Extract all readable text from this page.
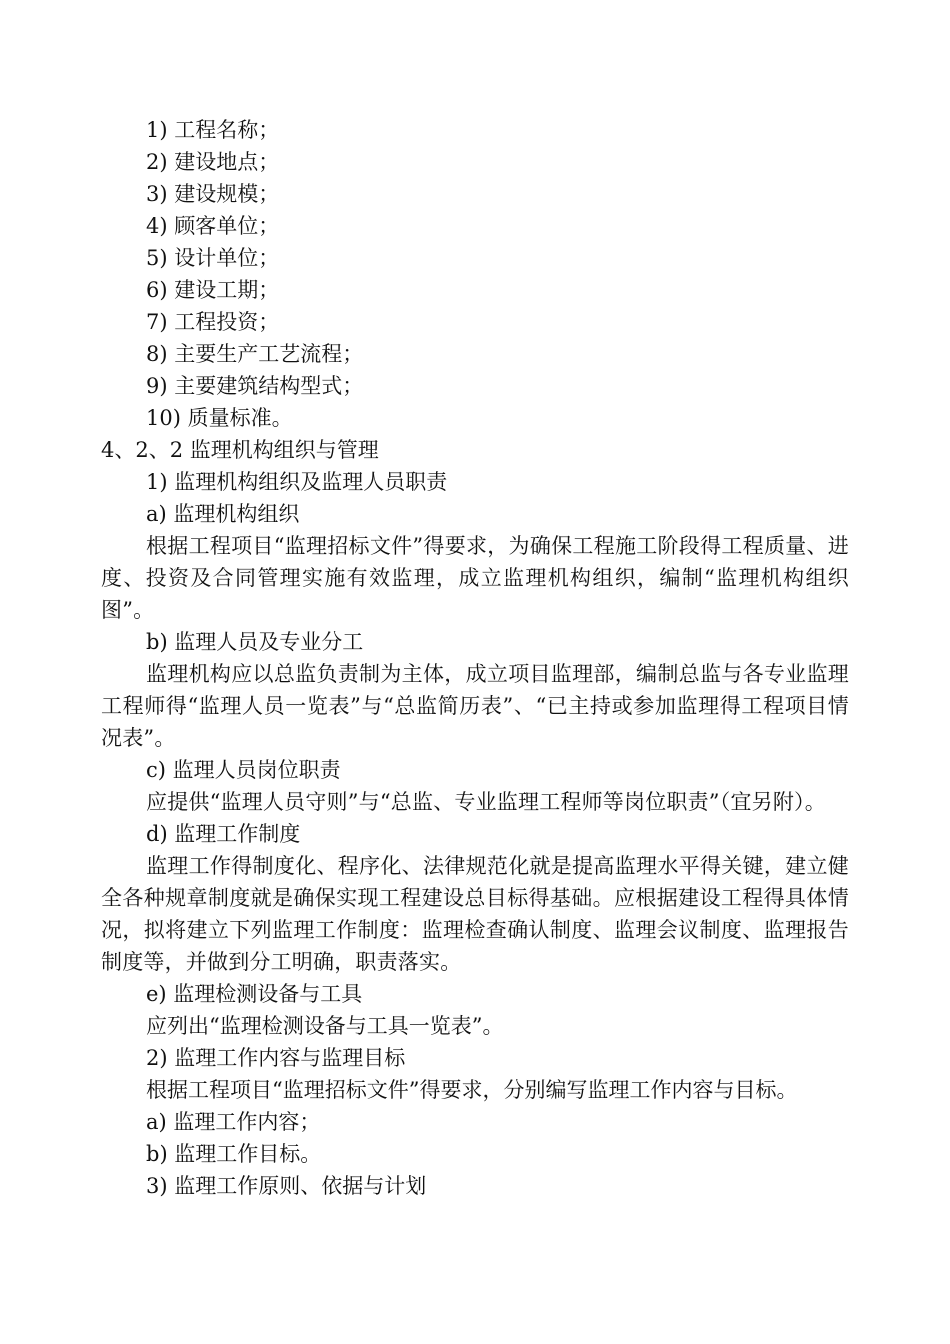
1) 工程名称；
2) 建设地点；
3) 建设规模；
4) 顾客单位；
5) 设计单位；
6) 建设工期；
7) 工程投资；
8) 主要生产工艺流程；
9) 主要建筑结构型式；
10) 质量标准。
4、2、2 监理机构组织与管理
1) 监理机构组织及监理人员职责
a) 监理机构组织
根据工程项目“监理招标文件”得要求，为确保工程施工阶段得工程质量、进度、投资及合同管理实施有效监理，成立监理机构组织，编制“监理机构组织图”。
b) 监理人员及专业分工
监理机构应以总监负责制为主体，成立项目监理部，编制总监与各专业监理工程师得“监理人员一览表”与“总监简历表”、“已主持或参加监理得工程项目情况表”。
c) 监理人员岗位职责
应提供“监理人员守则”与“总监、专业监理工程师等岗位职责”（宜另附）。
d) 监理工作制度
监理工作得制度化、程序化、法律规范化就是提高监理水平得关键，建立健全各种规章制度就是确保实现工程建设总目标得基础。应根据建设工程得具体情况，拟将建立下列监理工作制度：监理检查确认制度、监理会议制度、监理报告制度等，并做到分工明确，职责落实。
e) 监理检测设备与工具
应列出“监理检测设备与工具一览表”。
2) 监理工作内容与监理目标
根据工程项目“监理招标文件”得要求，分别编写监理工作内容与目标。
a) 监理工作内容；
b) 监理工作目标。
3) 监理工作原则、依据与计划
